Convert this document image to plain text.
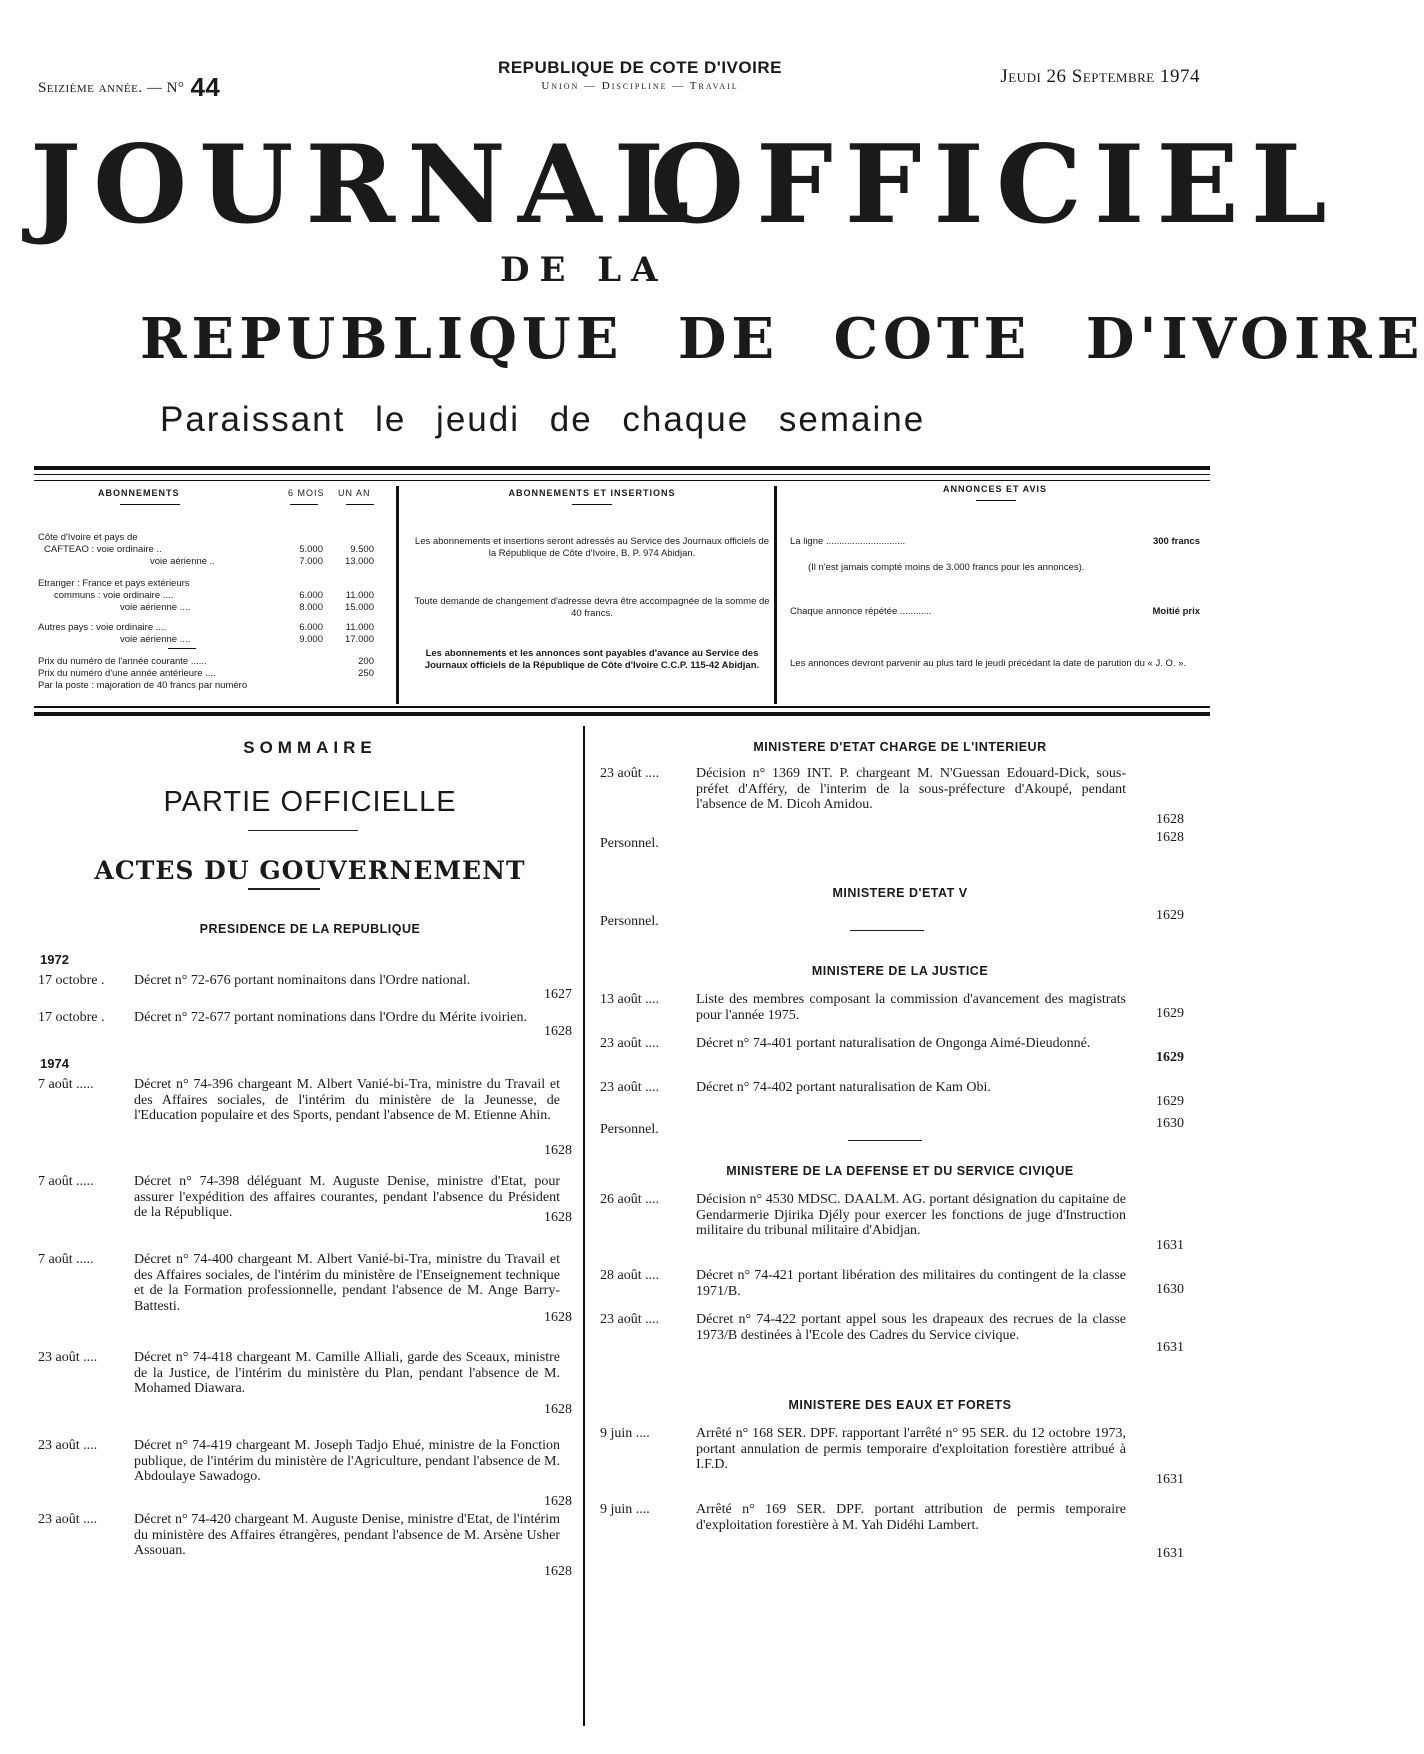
Seizième année. — N° 44
REPUBLIQUE DE COTE D'IVOIRE
Union — Discipline — Travail	Jeudi 26 Septembre 1974
JOURNAL
OFFICIEL
DE LA
REPUBLIQUE DE COTE D'IVOIRE
Paraissant le jeudi de chaque semaine
ABONNEMENTS	6 MOIS UN AN
Côte d'Ivoire et pays de
CAFTEAO : voie ordinaire ..	5.000	9.500
voie aérienne ..	7.000	13.000
Etranger : France et pays extérieurs
communs : voie ordinaire ....	6.000	11.000
voie aérienne ....	8.000	15.000
Autres pays : voie ordinaire ....	6.000	11.000
voie aérienne ....	9.000	17.000
Prix du numéro de l'année courante ......	200
Prix du numéro d'une année antérieure ....	250
Par la poste : majoration de 40 francs par numéro
ABONNEMENTS ET INSERTIONS

Les abonnements et insertions seront adressés au Service des Journaux officiels de la République de Côte d'Ivoire, B. P. 974 Abidjan.

Toute demande de changement d'adresse devra être accompagnée de la somme de 40 francs.

Les abonnements et les annonces sont payables d'avance au Service des Journaux officiels de la République de Côte d'Ivoire C.C.P. 115-42 Abidjan.

ANNONCES ET AVIS
La ligne ..............................	300 francs

(Il n'est jamais compté moins de 3.000 francs pour les annonces).

Chaque annonce répétée ............	Moitié prix

Les annonces devront parvenir au plus tard le jeudi précédant la date de parution du « J. O. ».

SOMMAIRE
PARTIE OFFICIELLE
ACTES DU GOUVERNEMENT
PRESIDENCE DE LA REPUBLIQUE
1972
17 octobre . Décret n° 72-676 portant nominaitons dans l'Ordre national.
1627
17 octobre . Décret n° 72-677 portant nominations dans l'Ordre du Mérite ivoirien.
1628
1974
7 août .....	Décret n° 74-396 chargeant M. Albert Vanié-bi-Tra, ministre du Travail et des Affaires sociales, de l'intérim du ministère de la Jeunesse, de l'Education populaire et des Sports, pendant l'absence de M. Etienne Ahin.
1628
7 août .....	Décret n° 74-398 déléguant M. Auguste Denise, ministre d'Etat, pour assurer l'expédition des affaires courantes, pendant l'absence du Président de la République.	1628
7 août .....	Décret n° 74-400 chargeant M. Albert Vanié-bi-Tra, ministre du Travail et des Affaires sociales, de l'intérim du ministère de l'Enseignement technique et de la Formation professionnelle, pendant l'absence de M. Ange Barry-Battesti.
1628
23 août ....	Décret n° 74-418 chargeant M. Camille Alliali, garde des Sceaux, ministre de la Justice, de l'intérim du ministère du Plan, pendant l'absence de M. Mohamed Diawara.
1628
23 août ....	Décret n° 74-419 chargeant M. Joseph Tadjo Ehué, ministre de la Fonction publique, de l'intérim du ministère de l'Agriculture, pendant l'absence de M. Abdoulaye Sawadogo.
1628
23 août ....	Décret n° 74-420 chargeant M. Auguste Denise, ministre d'Etat, de l'intérim du ministère des Affaires étrangères, pendant l'absence de M. Arsène Usher Assouan.
1628
MINISTERE D'ETAT CHARGE DE L'INTERIEUR
23 août ....	Décision n° 1369 INT. P. chargeant M. N'Guessan Edouard-Dick, sous-préfet d'Afféry, de l'interim de la sous-préfecture d'Akoupé, pendant l'absence de M. Dicoh Amidou.
1628
Personnel.	1628
MINISTERE D'ETAT V
Personnel.	1629
MINISTERE DE LA JUSTICE
13 août ....	Liste des membres composant la commission d'avancement des magistrats pour l'année 1975.	1629
23 août ....	Décret n° 74-401 portant naturalisation de Ongonga Aimé-Dieudonné.
1629
23 août ....	Décret n° 74-402 portant naturalisation de Kam Obi.
1629
Personnel.	1630
MINISTERE DE LA DEFENSE ET DU SERVICE CIVIQUE
26 août ....	Décision n° 4530 MDSC. DAALM. AG. portant désignation du capitaine de Gendarmerie Djirika Djély pour exercer les fonctions de juge d'Instruction militaire du tribunal militaire d'Abidjan.
1631
28 août ....	Décret n° 74-421 portant libération des militaires du contingent de la classe 1971/B.	1630
23 août ....	Décret n° 74-422 portant appel sous les drapeaux des recrues de la classe 1973/B destinées à l'Ecole des Cadres du Service civique.
1631
MINISTERE DES EAUX ET FORETS
9 juin ....	Arrêté n° 168 SER. DPF. rapportant l'arrêté n° 95 SER. du 12 octobre 1973, portant annulation de permis temporaire d'exploitation forestière attribué à I.F.D.
1631
9 juin ....	Arrêté n° 169 SER. DPF. portant attribution de permis temporaire d'exploitation forestière à M. Yah Didéhi Lambert.
1631
